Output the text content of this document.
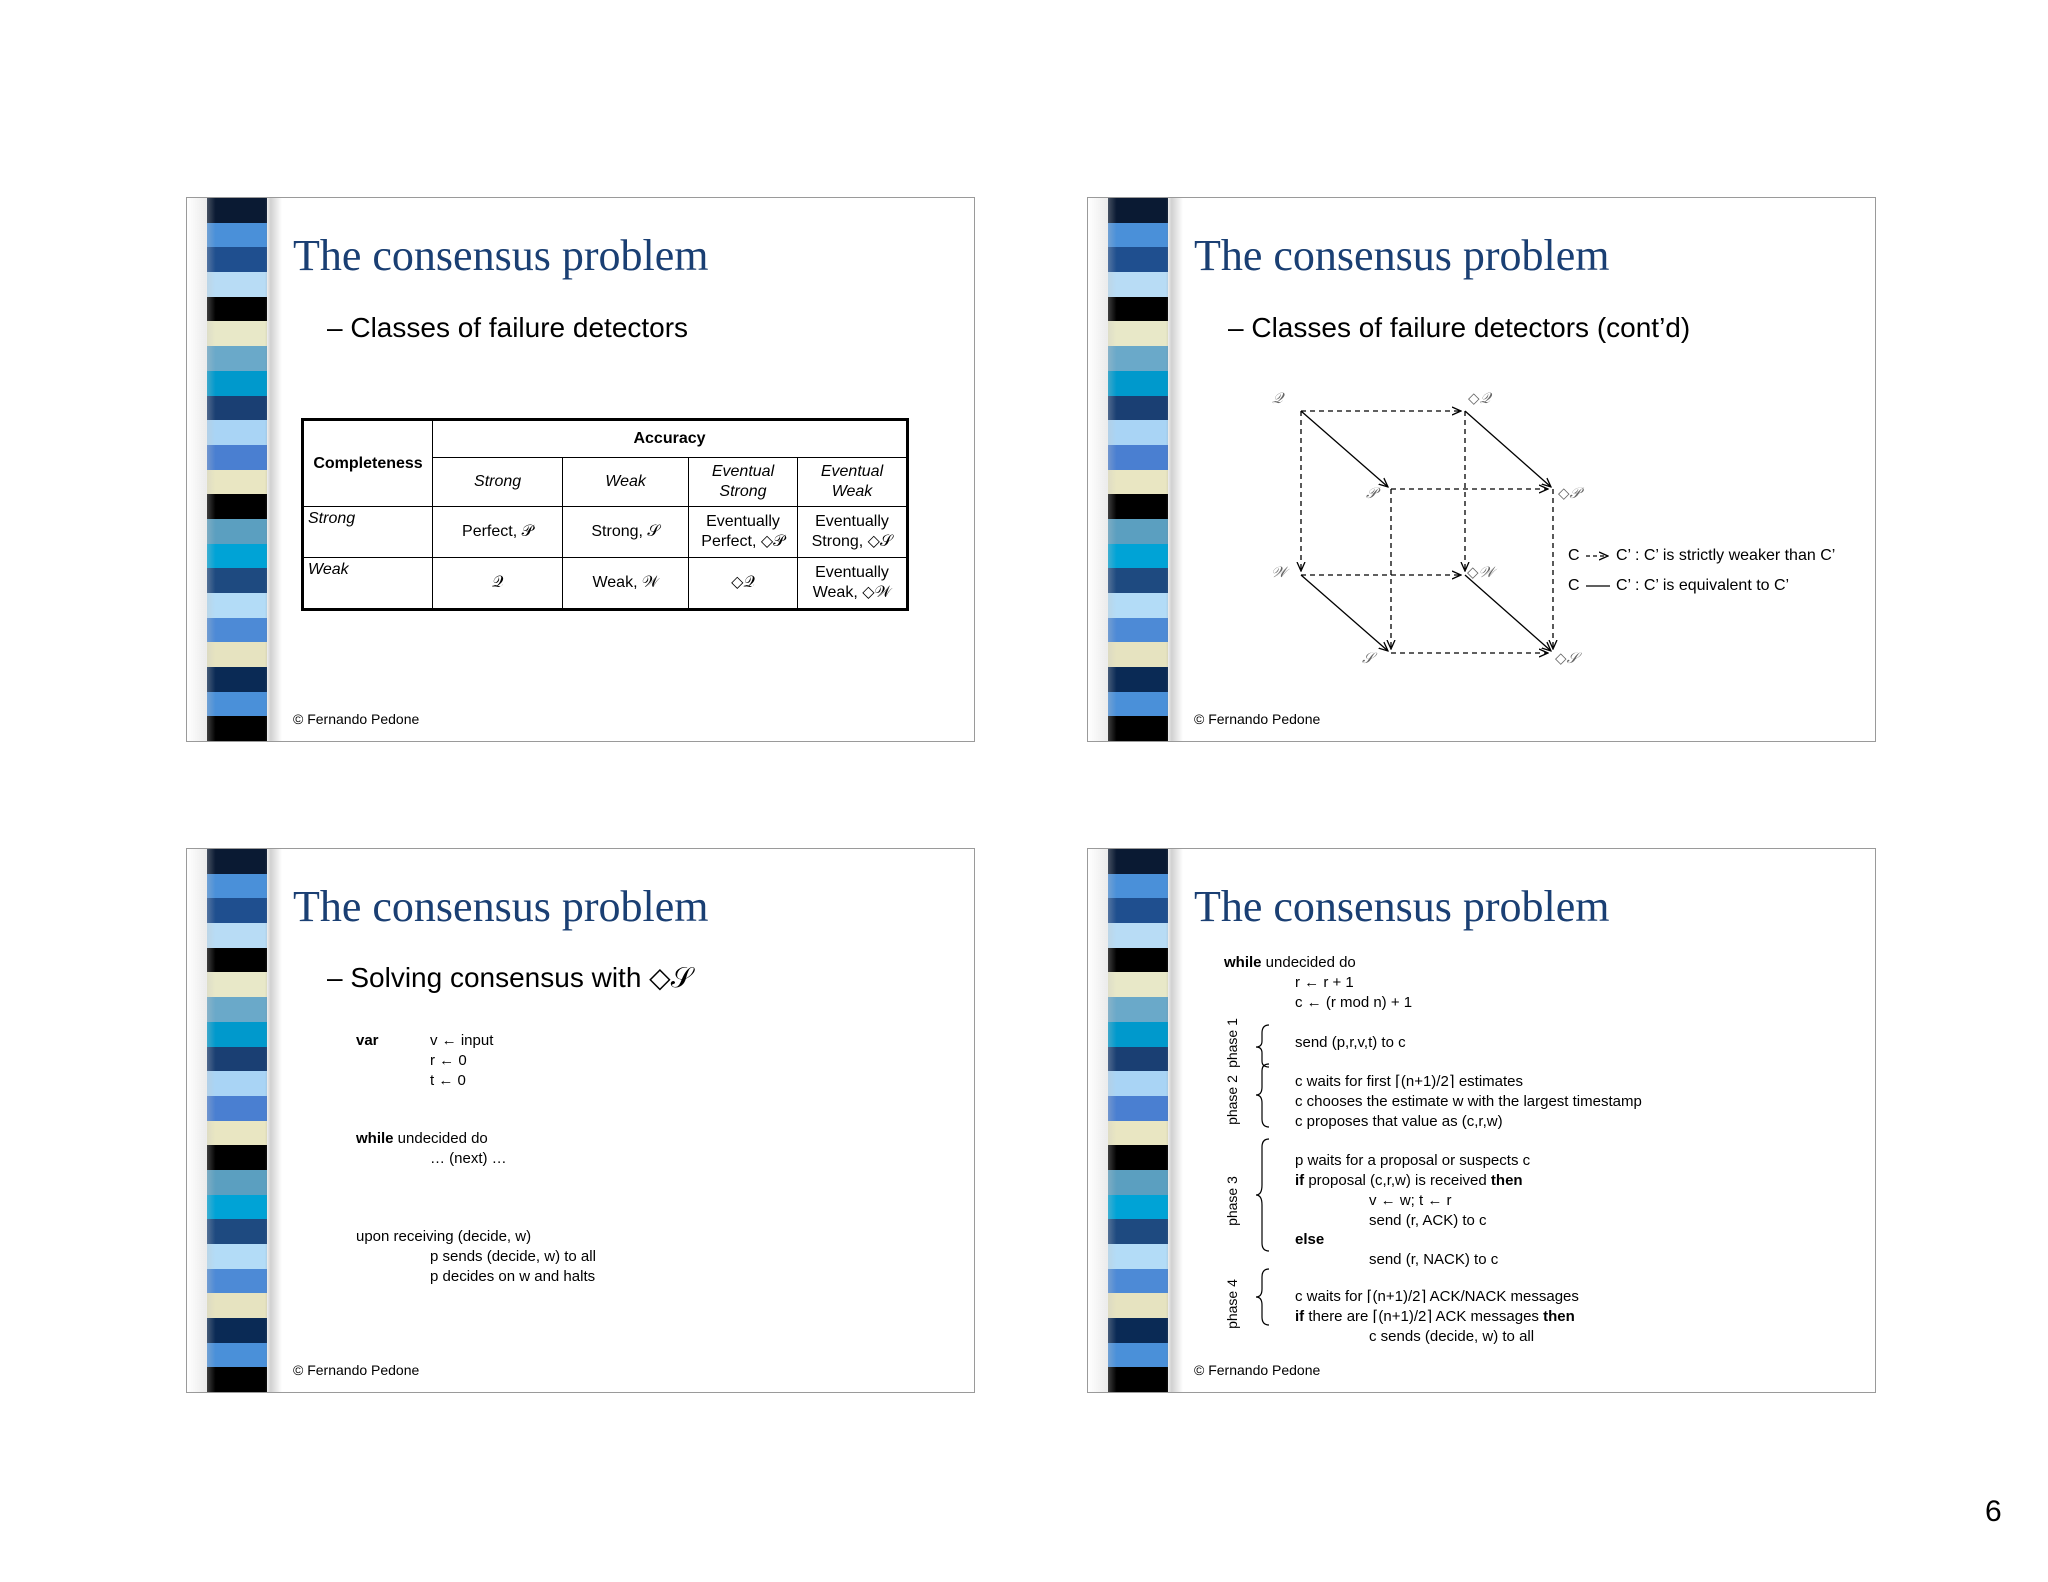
The consensus problem
– Classes of failure detectors
Completeness	Accuracy			
	Strong	Weak	Eventual Strong	Eventual Weak
Strong	Perfect, 𝒫	Strong, 𝒮	Eventually Perfect, ◇𝒫	Eventually Strong, ◇𝒮
Weak	𝒬	Weak, 𝒲	◇𝒬	Eventually Weak, ◇𝒲
© Fernando Pedone
The consensus problem
– Classes of failure detectors (cont’d)
𝒬	◇𝒬
𝒫	◇𝒫
𝒲	◇𝒲
𝒮	◇𝒮
C C’ : C’ is strictly weaker than C’
C C’ : C’ is equivalent to C’
© Fernando Pedone
The consensus problem
– Solving consensus with ◇𝒮
var	v ← input
r ← 0
t ← 0
while undecided do
… (next) …
upon receiving (decide, w)
p sends (decide, w) to all
p decides on w and halts
© Fernando Pedone
The consensus problem
while undecided do
r ← r + 1
c ← (r mod n) + 1
phase 1
phase 2
phase 3
phase 4
send (p,r,v,t) to c
c waits for first ⌈(n+1)/2⌉ estimates
c chooses the estimate w with the largest timestamp
c proposes that value as (c,r,w)
p waits for a proposal or suspects c
if proposal (c,r,w) is received then
v ← w; t ← r
send (r, ACK) to c
else
send (r, NACK) to c
c waits for ⌈(n+1)/2⌉ ACK/NACK messages
if there are ⌈(n+1)/2⌉ ACK messages then
c sends (decide, w) to all
© Fernando Pedone
6
